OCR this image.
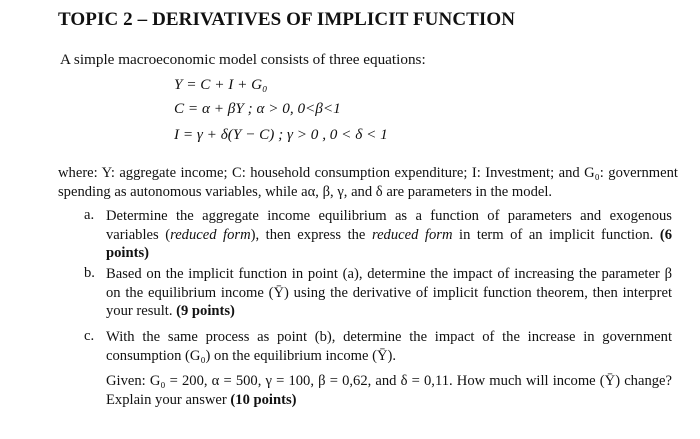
TOPIC 2 – DERIVATIVES OF IMPLICIT FUNCTION
A simple macroeconomic model consists of three equations:
Y = C + I + G₀
C = α + βY ; α > 0, 0<β<1
I = γ + δ(Y − C) ; γ > 0 , 0 < δ < 1
where: Y: aggregate income; C: household consumption expenditure; I: Investment; and G₀: government spending as autonomous variables, while aα, β, γ, and δ are parameters in the model.
a. Determine the aggregate income equilibrium as a function of parameters and exogenous variables (reduced form), then express the reduced form in term of an implicit function. (6 points)
b. Based on the implicit function in point (a), determine the impact of increasing the parameter β on the equilibrium income (Ȳ) using the derivative of implicit function theorem, then interpret your result. (9 points)
c. With the same process as point (b), determine the impact of the increase in government consumption (G₀) on the equilibrium income (Ȳ).
Given: G₀ = 200, α = 500, γ = 100, β = 0,62, and δ = 0,11. How much will income (Ȳ) change? Explain your answer (10 points)
